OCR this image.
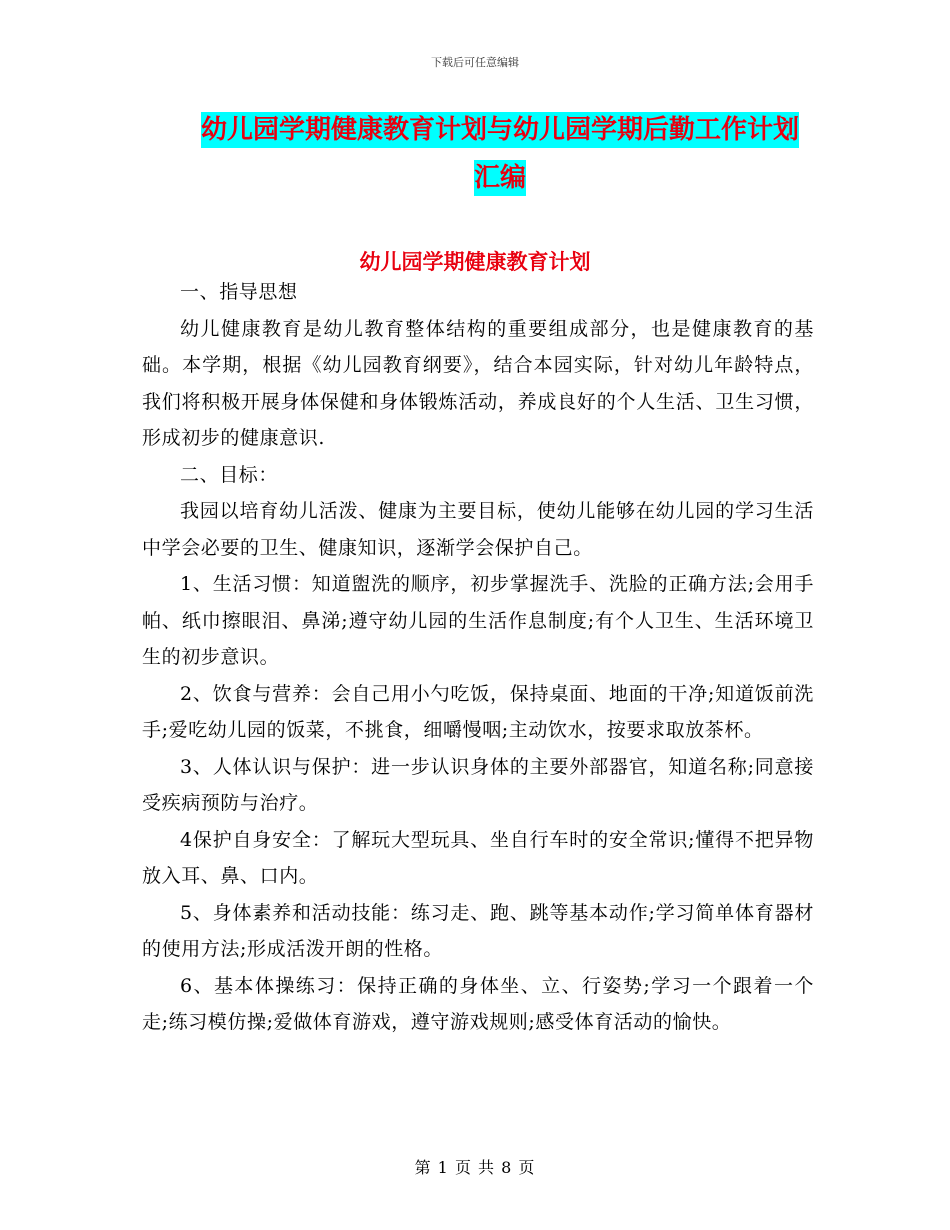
下载后可任意编辑
幼儿园学期健康教育计划与幼儿园学期后勤工作计划
汇编
幼儿园学期健康教育计划

一、指导思想

幼儿健康教育是幼儿教育整体结构的重要组成部分，也是健康教育的基础。本学期，根据《幼儿园教育纲要》，结合本园实际，针对幼儿年龄特点，我们将积极开展身体保健和身体锻炼活动，养成良好的个人生活、卫生习惯，形成初步的健康意识.

二、目标：

我园以培育幼儿活泼、健康为主要目标，使幼儿能够在幼儿园的学习生活中学会必要的卫生、健康知识，逐渐学会保护自己。

1、生活习惯：知道盥洗的顺序，初步掌握洗手、洗脸的正确方法;会用手帕、纸巾擦眼泪、鼻涕;遵守幼儿园的生活作息制度;有个人卫生、生活环境卫生的初步意识。

2、饮食与营养：会自己用小勺吃饭，保持桌面、地面的干净;知道饭前洗手;爱吃幼儿园的饭菜，不挑食，细嚼慢咽;主动饮水，按要求取放茶杯。

3、人体认识与保护：进一步认识身体的主要外部器官，知道名称;同意接受疾病预防与治疗。

4保护自身安全：了解玩大型玩具、坐自行车时的安全常识;懂得不把异物放入耳、鼻、口内。

5、身体素养和活动技能：练习走、跑、跳等基本动作;学习简单体育器材的使用方法;形成活泼开朗的性格。

6、基本体操练习：保持正确的身体坐、立、行姿势;学习一个跟着一个走;练习模仿操;爱做体育游戏，遵守游戏规则;感受体育活动的愉快。

第 1 页 共 8 页
